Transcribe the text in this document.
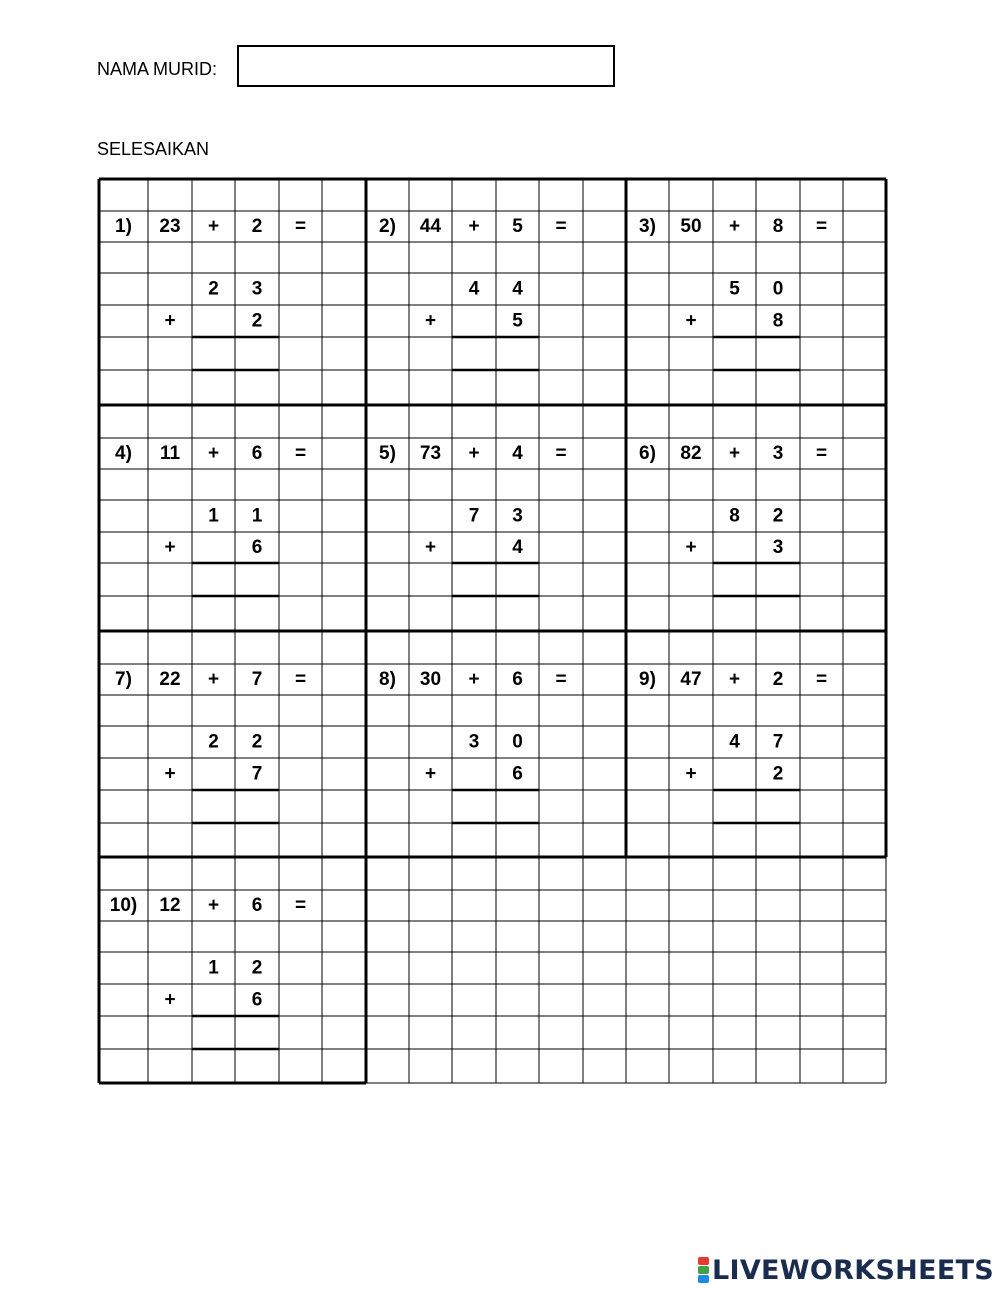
NAMA MURID:
SELESAIKAN
1) 23 + 2 =
2 3
+	2
2) 44 + 5 =
4 4
+	5
3) 50 + 8 =
5 0
+	8
4) 11 + 6 =
1 1
+	6
5) 73 + 4 =
7 3
+	4
6) 82 + 3 =
8 2
+	3
7) 22 + 7 =
2 2
+	7
8) 30 + 6 =
3 0
+	6
9) 47 + 2 =
4 7
+	2
10) 12 + 6 =
1 2
+	6
LIVEWORKSHEETS
